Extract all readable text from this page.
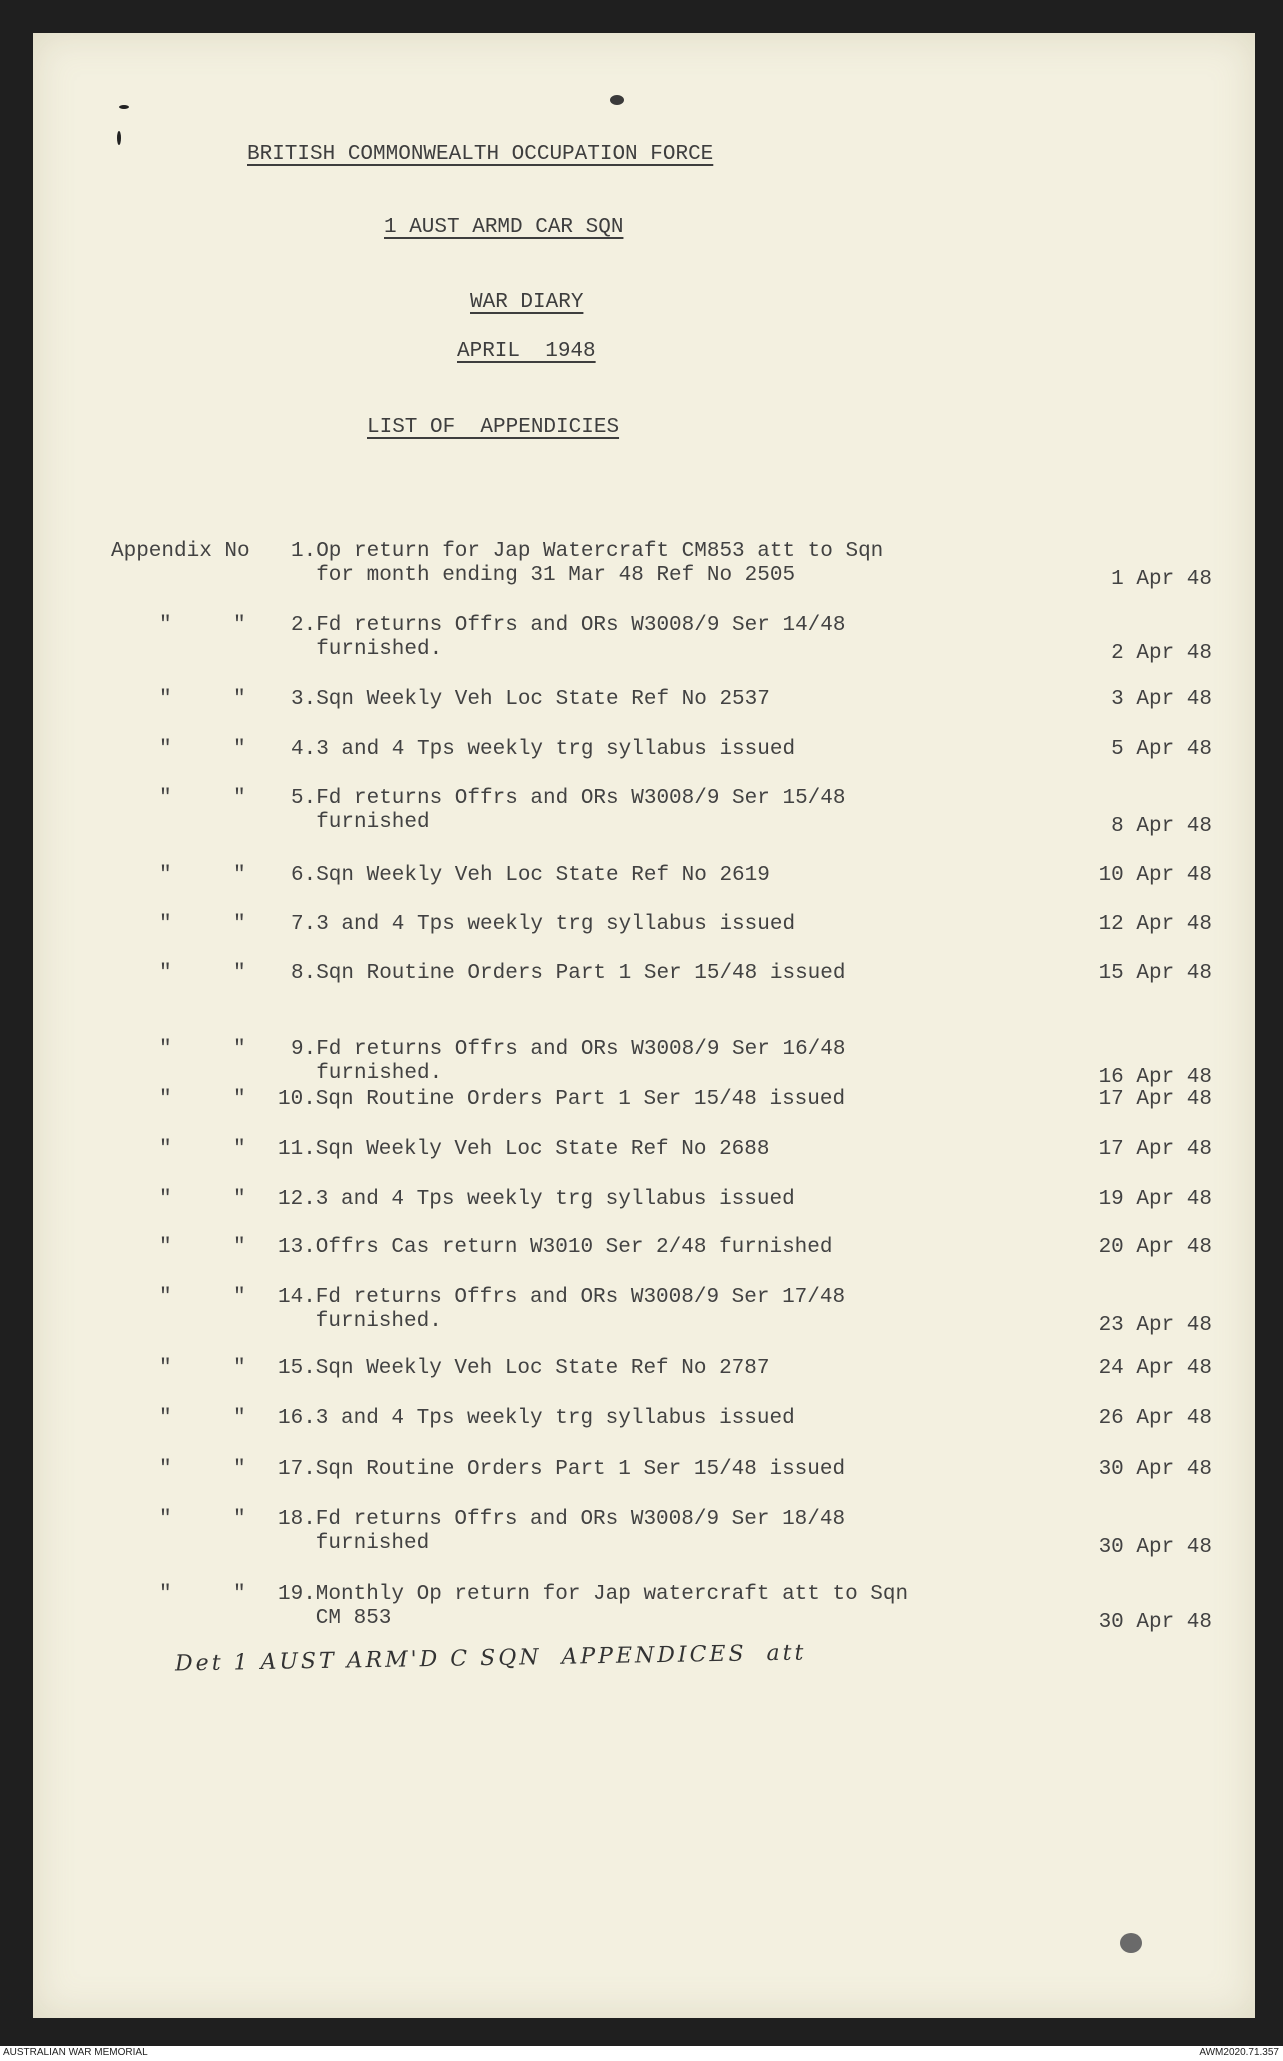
BRITISH COMMONWEALTH OCCUPATION FORCE
1 AUST ARMD CAR SQN
WAR DIARY
APRIL  1948
LIST OF  APPENDICIES
Appendix No 1. Op return for Jap Watercraft CM853 att to Sqn
for month ending 31 Mar 48 Ref No 2505	1 Apr 48
"	" 2. Fd returns Offrs and ORs W3008/9 Ser 14/48
furnished.	2 Apr 48
"	" 3. Sqn Weekly Veh Loc State Ref No 2537	3 Apr 48
"	" 4. 3 and 4 Tps weekly trg syllabus issued	5 Apr 48
"	" 5. Fd returns Offrs and ORs W3008/9 Ser 15/48
furnished	8 Apr 48
"	" 6. Sqn Weekly Veh Loc State Ref No 2619	10 Apr 48
"	" 7. 3 and 4 Tps weekly trg syllabus issued	12 Apr 48
"	" 8. Sqn Routine Orders Part 1 Ser 15/48 issued	15 Apr 48
"	" 9. Fd returns Offrs and ORs W3008/9 Ser 16/48
furnished.	16 Apr 48
"	" 10. Sqn Routine Orders Part 1 Ser 15/48 issued	17 Apr 48
"	" 11. Sqn Weekly Veh Loc State Ref No 2688	17 Apr 48
"	" 12. 3 and 4 Tps weekly trg syllabus issued	19 Apr 48
"	" 13. Offrs Cas return W3010 Ser 2/48 furnished	20 Apr 48
"	" 14. Fd returns Offrs and ORs W3008/9 Ser 17/48
furnished.	23 Apr 48
"	" 15. Sqn Weekly Veh Loc State Ref No 2787	24 Apr 48
"	" 16. 3 and 4 Tps weekly trg syllabus issued	26 Apr 48
"	" 17. Sqn Routine Orders Part 1 Ser 15/48 issued	30 Apr 48
"	" 18. Fd returns Offrs and ORs W3008/9 Ser 18/48
furnished	30 Apr 48
"	" 19. Monthly Op return for Jap watercraft att to Sqn
CM 853	30 Apr 48
Det 1 AUST ARM'D C SQN  APPENDICES  att
AUSTRALIAN WAR MEMORIAL	AWM2020.71.357
